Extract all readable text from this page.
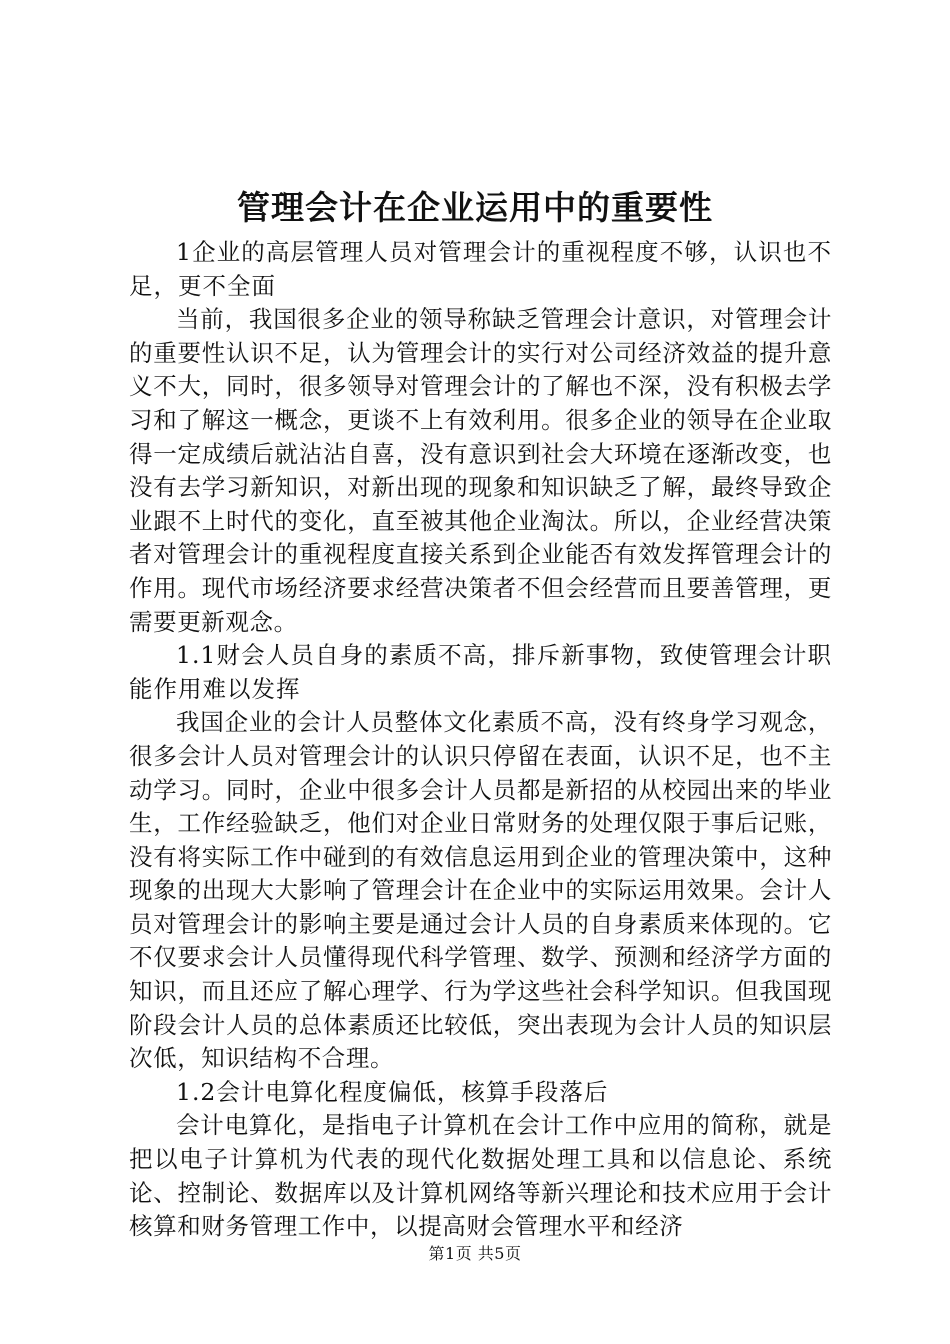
管理会计在企业运用中的重要性

1企业的高层管理人员对管理会计的重视程度不够，认识也不足，更不全面

当前，我国很多企业的领导称缺乏管理会计意识，对管理会计的重要性认识不足，认为管理会计的实行对公司经济效益的提升意义不大，同时，很多领导对管理会计的了解也不深，没有积极去学习和了解这一概念，更谈不上有效利用。很多企业的领导在企业取得一定成绩后就沾沾自喜，没有意识到社会大环境在逐渐改变，也没有去学习新知识，对新出现的现象和知识缺乏了解，最终导致企业跟不上时代的变化，直至被其他企业淘汰。所以，企业经营决策者对管理会计的重视程度直接关系到企业能否有效发挥管理会计的作用。现代市场经济要求经营决策者不但会经营而且要善管理，更需要更新观念。

1.1财会人员自身的素质不高，排斥新事物，致使管理会计职能作用难以发挥

我国企业的会计人员整体文化素质不高，没有终身学习观念，很多会计人员对管理会计的认识只停留在表面，认识不足，也不主动学习。同时，企业中很多会计人员都是新招的从校园出来的毕业生，工作经验缺乏，他们对企业日常财务的处理仅限于事后记账，没有将实际工作中碰到的有效信息运用到企业的管理决策中，这种现象的出现大大影响了管理会计在企业中的实际运用效果。会计人员对管理会计的影响主要是通过会计人员的自身素质来体现的。它不仅要求会计人员懂得现代科学管理、数学、预测和经济学方面的知识，而且还应了解心理学、行为学这些社会科学知识。但我国现阶段会计人员的总体素质还比较低，突出表现为会计人员的知识层次低，知识结构不合理。

1.2会计电算化程度偏低，核算手段落后

会计电算化，是指电子计算机在会计工作中应用的简称，就是把以电子计算机为代表的现代化数据处理工具和以信息论、系统论、控制论、数据库以及计算机网络等新兴理论和技术应用于会计核算和财务管理工作中，以提高财会管理水平和经济

第1页 共5页
